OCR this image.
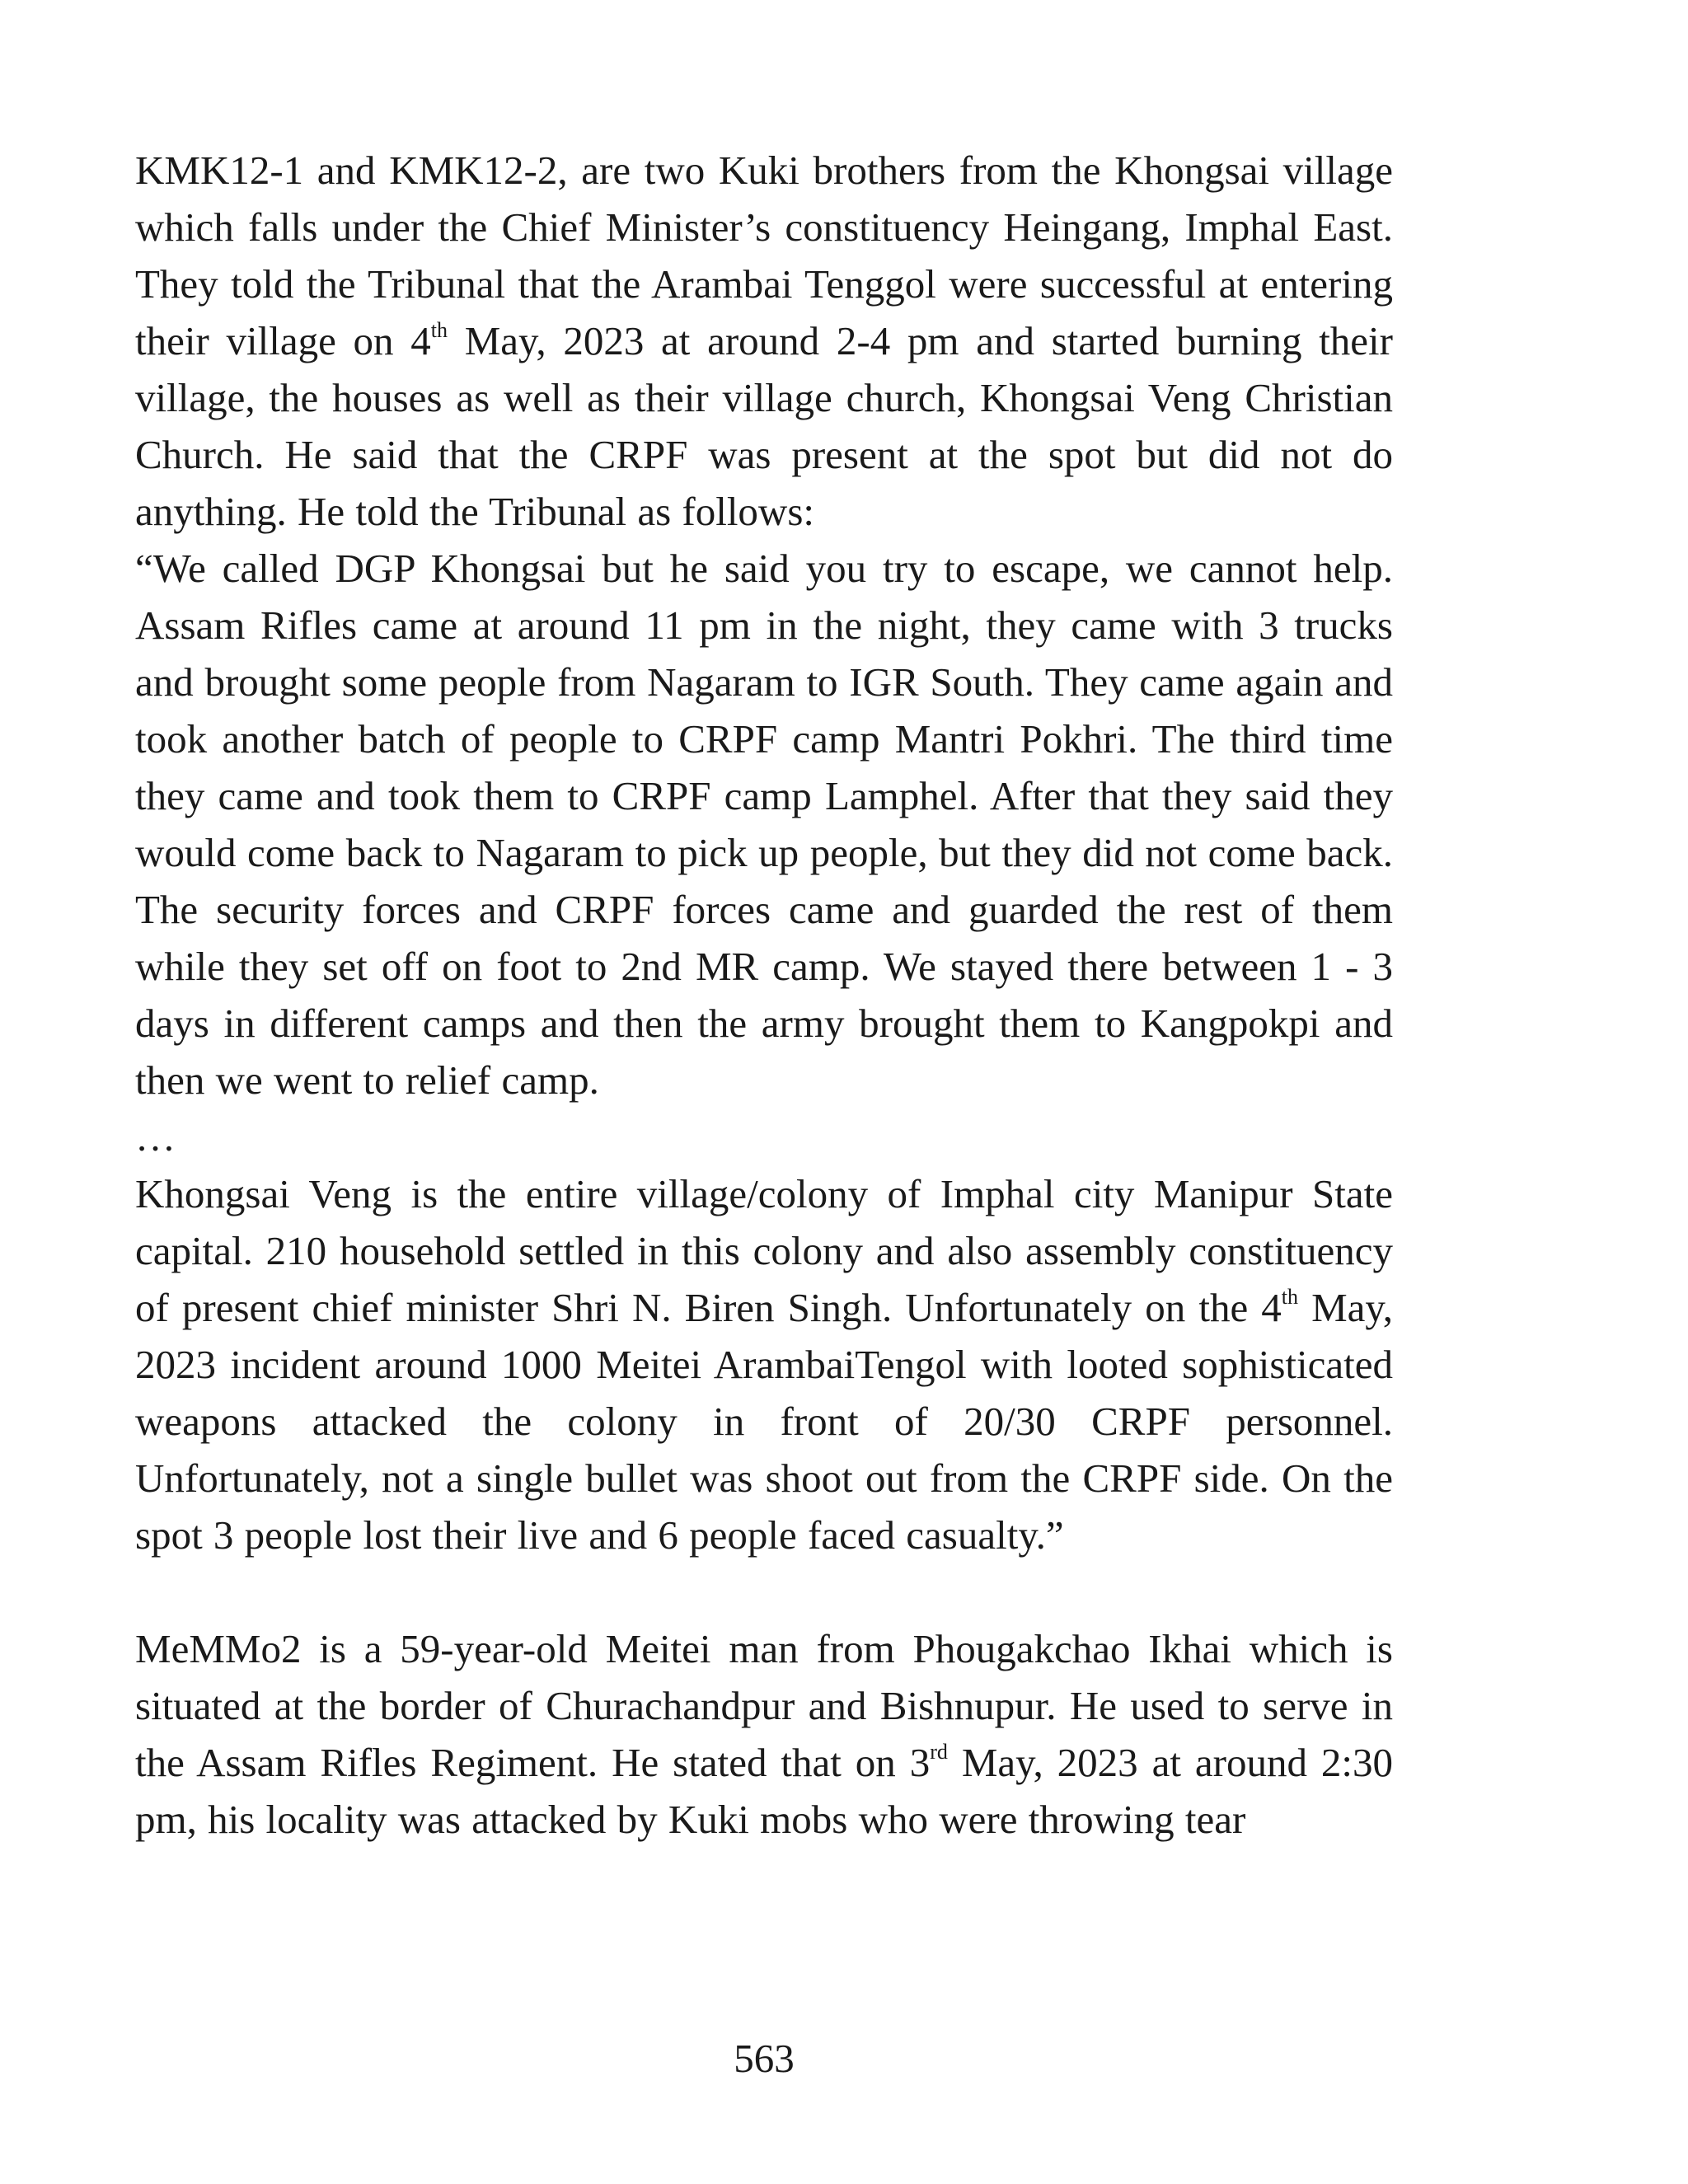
KMK12-1 and KMK12-2, are two Kuki brothers from the Khongsai village which falls under the Chief Minister’s constituency Heingang, Imphal East. They told the Tribunal that the Arambai Tenggol were successful at entering their village on 4th May, 2023 at around 2-4 pm and started burning their village, the houses as well as their village church, Khongsai Veng Christian Church. He said that the CRPF was present at the spot but did not do anything. He told the Tribunal as follows:

“We called DGP Khongsai but he said you try to escape, we cannot help. Assam Rifles came at around 11 pm in the night, they came with 3 trucks and brought some people from Nagaram to IGR South. They came again and took another batch of people to CRPF camp Mantri Pokhri. The third time they came and took them to CRPF camp Lamphel. After that they said they would come back to Nagaram to pick up people, but they did not come back. The security forces and CRPF forces came and guarded the rest of them while they set off on foot to 2nd MR camp. We stayed there between 1 - 3 days in different camps and then the army brought them to Kangpokpi and then we went to relief camp.

…

Khongsai Veng is the entire village/colony of Imphal city Manipur State capital. 210 household settled in this colony and also assembly constituency of present chief minister Shri N. Biren Singh. Unfortunately on the 4th May, 2023 incident around 1000 Meitei ArambaiTengol with looted sophisticated weapons attacked the colony in front of 20/30 CRPF personnel. Unfortunately, not a single bullet was shoot out from the CRPF side. On the spot 3 people lost their live and 6 people faced casualty.”

MeMMo2 is a 59-year-old Meitei man from Phougakchao Ikhai which is situated at the border of Churachandpur and Bishnupur. He used to serve in the Assam Rifles Regiment. He stated that on 3rd May, 2023 at around 2:30 pm, his locality was attacked by Kuki mobs who were throwing tear

563
